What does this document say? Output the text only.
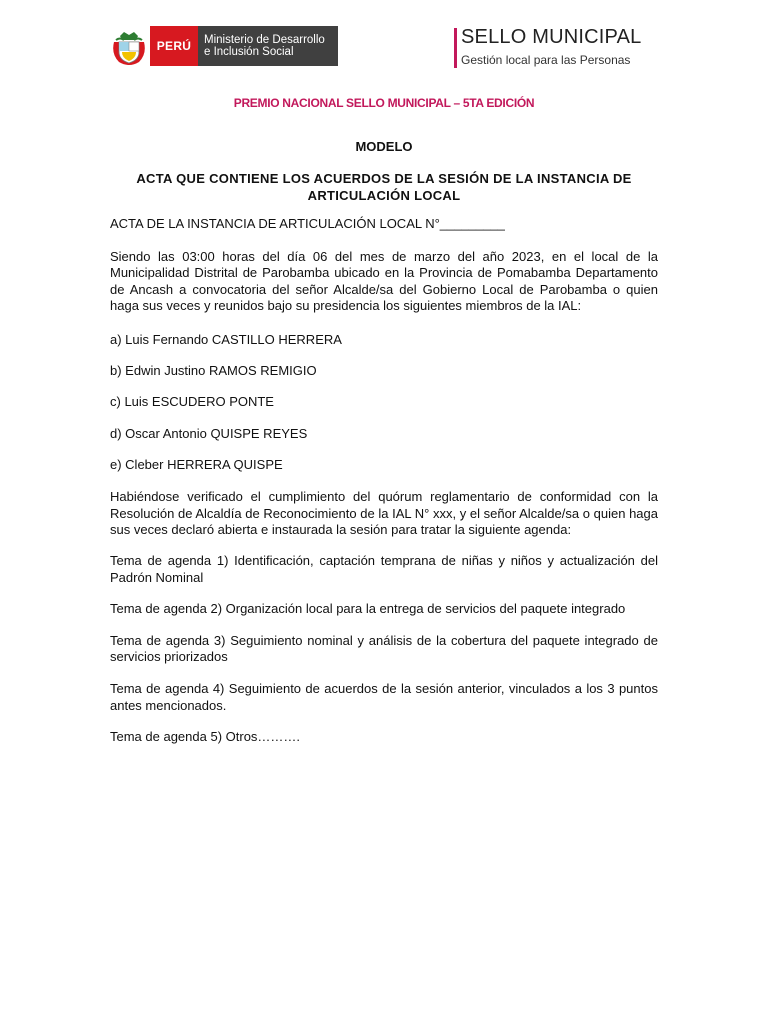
PERÚ	Ministerio de Desarrollo
e Inclusión Social
SELLO MUNICIPAL
Gestión local para las Personas
PREMIO NACIONAL SELLO MUNICIPAL – 5TA EDICIÓN
MODELO
ACTA QUE CONTIENE LOS ACUERDOS DE LA SESIÓN DE LA INSTANCIA DE
ARTICULACIÓN LOCAL

ACTA DE LA INSTANCIA DE ARTICULACIÓN LOCAL N°_________

Siendo las 03:00 horas del día 06 del mes de marzo del año 2023, en el local de la Municipalidad Distrital de Parobamba ubicado en la Provincia de Pomabamba Departamento de Ancash a convocatoria del señor Alcalde/sa del Gobierno Local de Parobamba o quien haga sus veces y reunidos bajo su presidencia los siguientes miembros de la IAL:

a) Luis Fernando CASTILLO HERRERA

b) Edwin Justino RAMOS REMIGIO

c) Luis ESCUDERO PONTE

d) Oscar Antonio QUISPE REYES

e) Cleber HERRERA QUISPE

Habiéndose verificado el cumplimiento del quórum reglamentario de conformidad con la Resolución de Alcaldía de Reconocimiento de la IAL N° xxx, y el señor Alcalde/sa o quien haga sus veces declaró abierta e instaurada la sesión para tratar la siguiente agenda:

Tema de agenda 1) Identificación, captación temprana de niñas y niños y actualización del Padrón Nominal

Tema de agenda 2) Organización local para la entrega de servicios del paquete integrado

Tema de agenda 3) Seguimiento nominal y análisis de la cobertura del paquete integrado de servicios priorizados

Tema de agenda 4) Seguimiento de acuerdos de la sesión anterior, vinculados a los 3 puntos antes mencionados.

Tema de agenda 5) Otros……….
